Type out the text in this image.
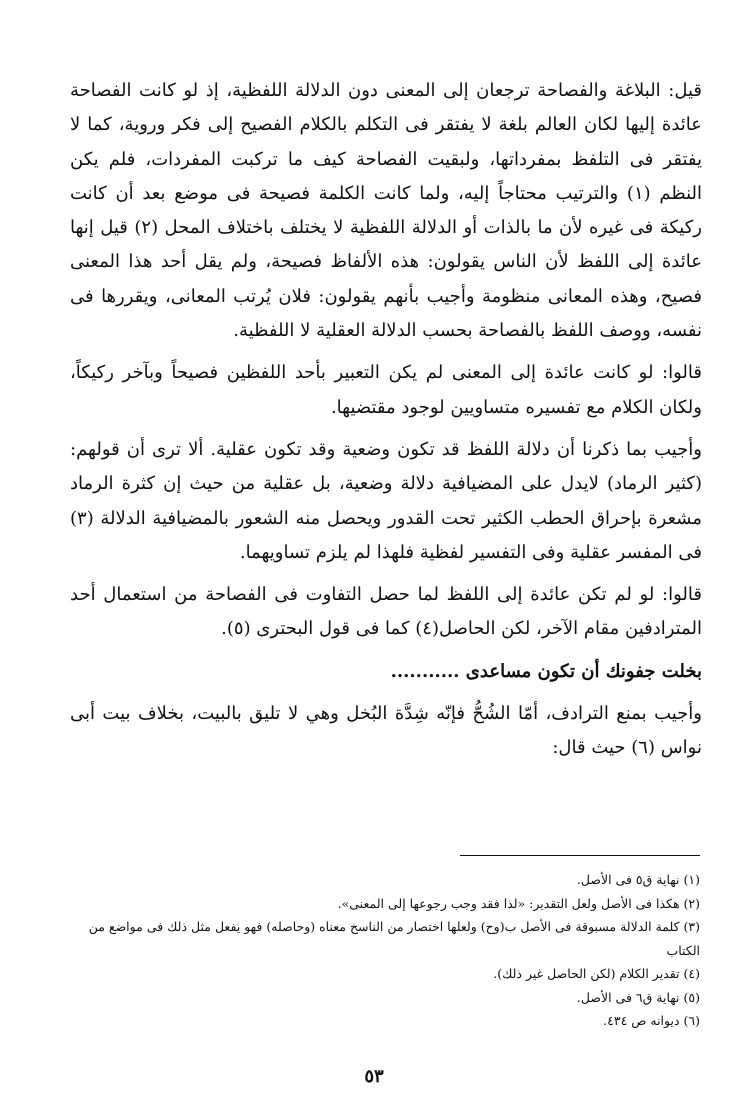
قيل: البلاغة والفصاحة ترجعان إلى المعنى دون الدلالة اللفظية، إذ لو كانت الفصاحة عائدة إليها لكان العالم بلغة لا يفتقر فى التكلم بالكلام الفصيح إلى فكر وروية، كما لا يفتقر فى التلفظ بمفرداتها، ولبقيت الفصاحة كيف ما تركبت المفردات، فلم يكن النظم (١) والترتيب محتاجاً إليه، ولما كانت الكلمة فصيحة فى موضع بعد أن كانت ركيكة فى غيره لأن ما بالذات أو الدلالة اللفظية لا يختلف باختلاف المحل (٢) قيل إنها عائدة إلى اللفظ لأن الناس يقولون: هذه الألفاظ فصيحة، ولم يقل أحد هذا المعنى فصيح، وهذه المعانى منظومة وأجيب بأنهم يقولون: فلان يُرتب المعانى، ويقررها فى نفسه، ووصف اللفظ بالفصاحة بحسب الدلالة العقلية لا اللفظية.

قالوا: لو كانت عائدة إلى المعنى لم يكن التعبير بأحد اللفظين فصيحاً وبآخر ركيكاً، ولكان الكلام مع تفسيره متساويين لوجود مقتضيها.

وأجيب بما ذكرنا أن دلالة اللفظ قد تكون وضعية وقد تكون عقلية. ألا ترى أن قولهم: (كثير الرماد) لايدل على المضيافية دلالة وضعية، بل عقلية من حيث إن كثرة الرماد مشعرة بإحراق الحطب الكثير تحت القدور ويحصل منه الشعور بالمضيافية الدلالة (٣) فى المفسر عقلية وفى التفسير لفظية فلهذا لم يلزم تساويهما.

قالوا: لو لم تكن عائدة إلى اللفظ لما حصل التفاوت فى الفصاحة من استعمال أحد المترادفين مقام الآخر، لكن الحاصل(٤) كما فى قول البحترى (٥).

بخلت جفونك أن تكون مساعدى ...........

وأجيب بمنع الترادف، أمّا الشُحُّ فإنّه شِدَّة البُخل وهي لا تليق بالبيت، بخلاف بيت أبى نواس (٦) حيث قال:

(١) نهاية ق٥ فى الأصل.

(٢) هكذا فى الأصل ولعل التقدير: «لذا فقد وجب رجوعها إلى المعنى».

(٣) كلمة الدلالة مسبوقة فى الأصل ب(وح) ولعلها اختصار من الناسخ معناه (وحاصله) فهو يفعل مثل ذلك فى مواضع من الكتاب

(٤) تقدير الكلام (لكن الحاصل غير ذلك).

(٥) نهاية ق٦ فى الأصل.

(٦) ديوانه ص ٤٣٤.

٥٣
